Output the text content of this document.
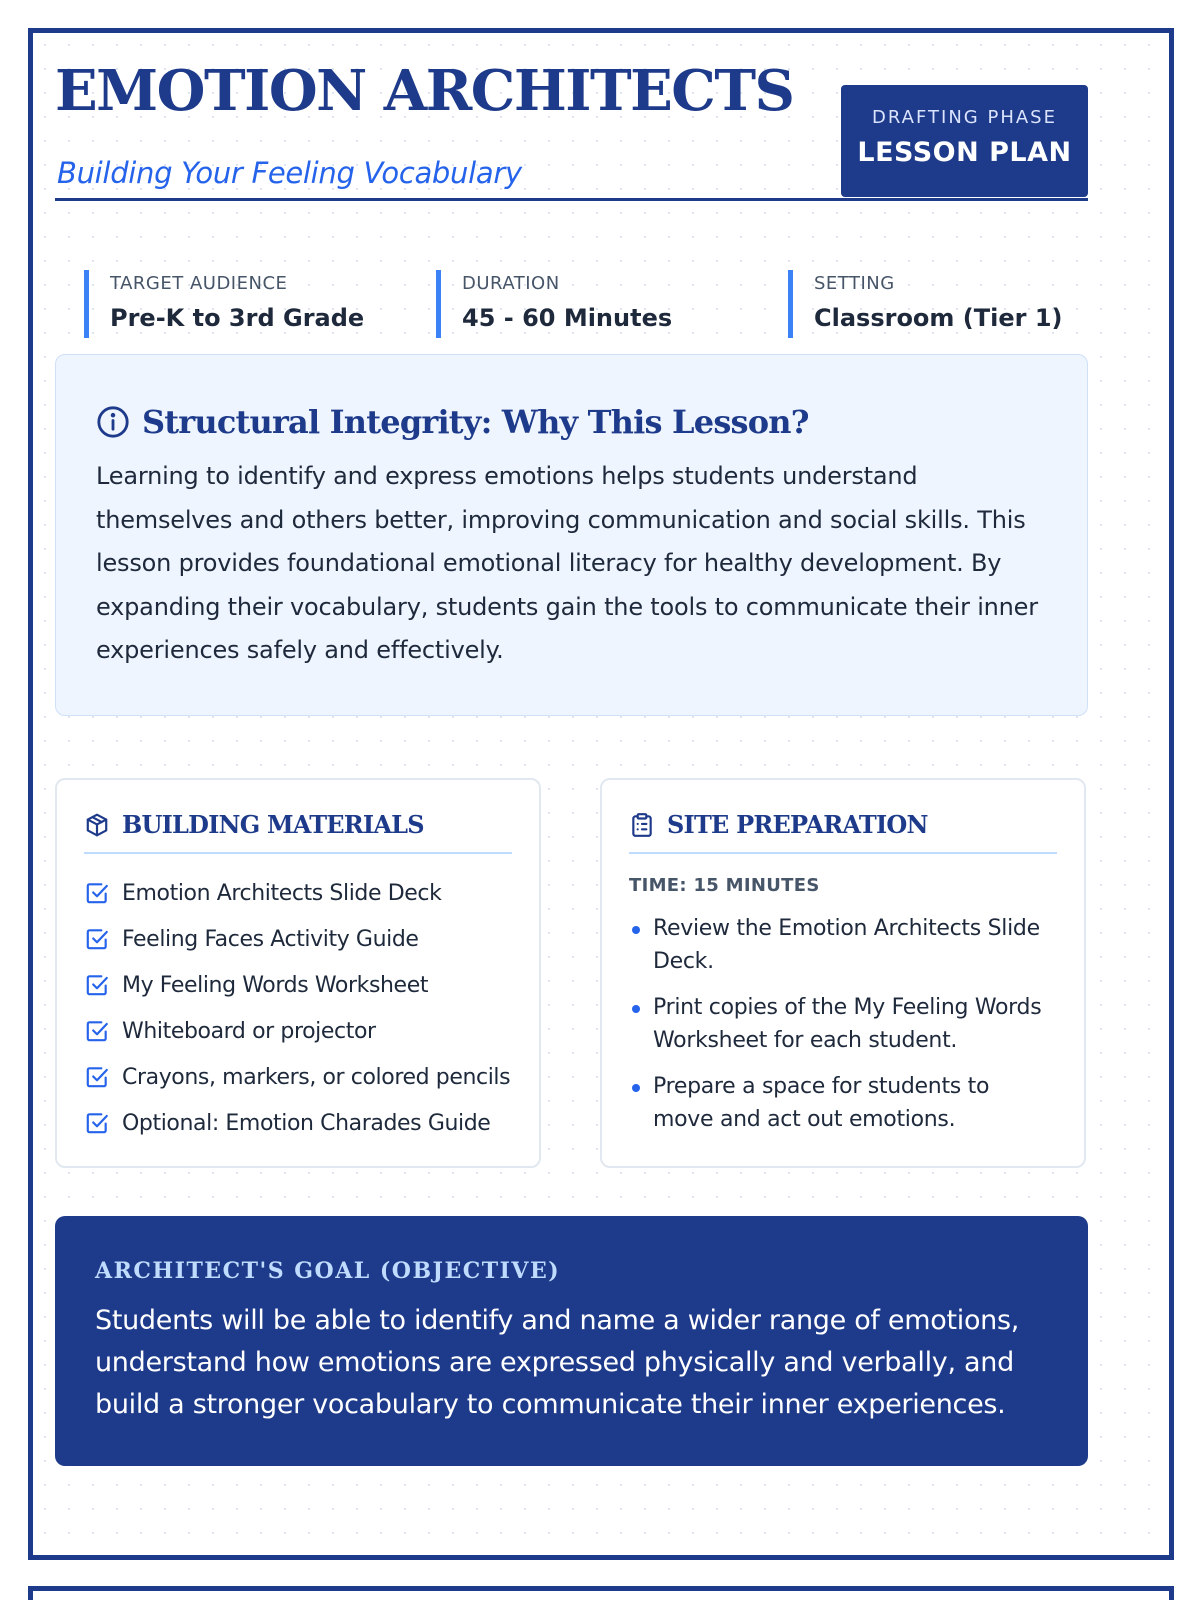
EMOTION ARCHITECTS
Building Your Feeling Vocabulary
DRAFTING PHASE
LESSON PLAN
TARGET AUDIENCE
Pre-K to 3rd Grade
DURATION
45 - 60 Minutes
SETTING
Classroom (Tier 1)
Structural Integrity: Why This Lesson?

Learning to identify and express emotions helps students understand themselves and others better, improving communication and social skills. This lesson provides foundational emotional literacy for healthy development. By expanding their vocabulary, students gain the tools to communicate their inner experiences safely and effectively.

BUILDING MATERIALS
Emotion Architects Slide Deck
Feeling Faces Activity Guide
My Feeling Words Worksheet
Whiteboard or projector
Crayons, markers, or colored pencils
Optional: Emotion Charades Guide
SITE PREPARATION
TIME: 15 MINUTES
Review the Emotion Architects Slide Deck.
Print copies of the My Feeling Words Worksheet for each student.
Prepare a space for students to move and act out emotions.
ARCHITECT'S GOAL (OBJECTIVE)

Students will be able to identify and name a wider range of emotions, understand how emotions are expressed physically and verbally, and build a stronger vocabulary to communicate their inner experiences.
